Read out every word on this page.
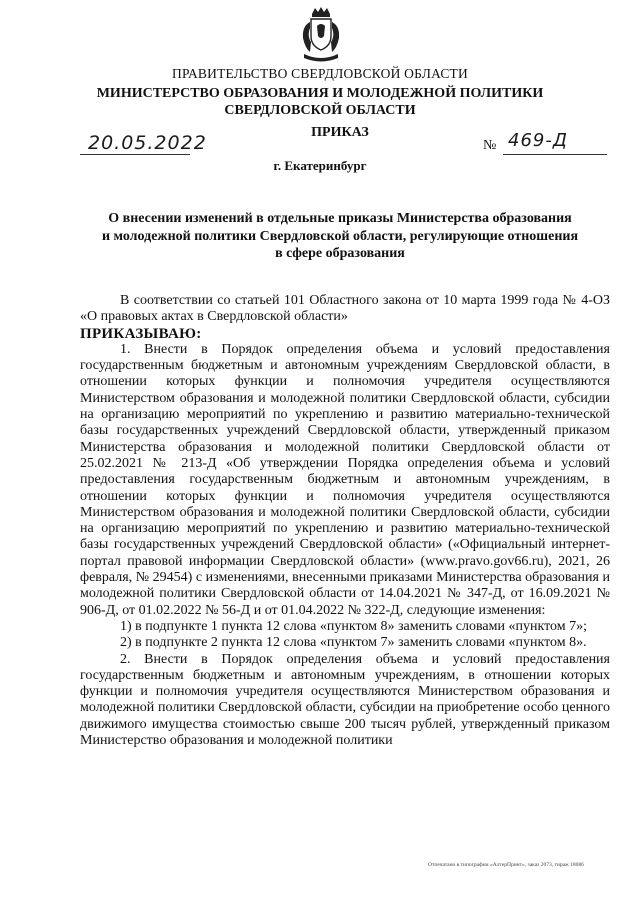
ПРАВИТЕЛЬСТВО СВЕРДЛОВСКОЙ ОБЛАСТИ
МИНИСТЕРСТВО ОБРАЗОВАНИЯ И МОЛОДЕЖНОЙ ПОЛИТИКИ
СВЕРДЛОВСКОЙ ОБЛАСТИ
ПРИКАЗ
20.05.2022	№ 469-Д
г. Екатеринбург
О внесении изменений в отдельные приказы Министерства образования
и молодежной политики Свердловской области, регулирующие отношения
в сфере образования

В соответствии со статьей 101 Областного закона от 10 марта 1999 года № 4-ОЗ «О правовых актах в Свердловской области»

ПРИКАЗЫВАЮ:

1. Внести в Порядок определения объема и условий предоставления государственным бюджетным и автономным учреждениям Свердловской области, в отношении которых функции и полномочия учредителя осуществляются Министерством образования и молодежной политики Свердловской области, субсидии на организацию мероприятий по укреплению и развитию материально-технической базы государственных учреждений Свердловской области, утвержденный приказом Министерства образования и молодежной политики Свердловской области от 25.02.2021 № 213-Д «Об утверждении Порядка определения объема и условий предоставления государственным бюджетным и автономным учреждениям, в отношении которых функции и полномочия учредителя осуществляются Министерством образования и молодежной политики Свердловской области, субсидии на организацию мероприятий по укреплению и развитию материально-технической базы государственных учреждений Свердловской области» («Официальный интернет-портал правовой информации Свердловской области» (www.pravo.gov66.ru), 2021, 26 февраля, № 29454) с изменениями, внесенными приказами Министерства образования и молодежной политики Свердловской области от 14.04.2021 № 347-Д, от 16.09.2021 № 906-Д, от 01.02.2022 № 56-Д и от 01.04.2022 № 322-Д, следующие изменения:

1) в подпункте 1 пункта 12 слова «пунктом 8» заменить словами «пунктом 7»;

2) в подпункте 2 пункта 12 слова «пунктом 7» заменить словами «пунктом 8».

2. Внести в Порядок определения объема и условий предоставления государственным бюджетным и автономным учреждениям, в отношении которых функции и полномочия учредителя осуществляются Министерством образования и молодежной политики Свердловской области, субсидии на приобретение особо ценного движимого имущества стоимостью свыше 200 тысяч рублей, утвержденный приказом Министерство образования и молодежной политики

Отпечатано в типографии «АлтерПринт», заказ 2073, тираж 18086
